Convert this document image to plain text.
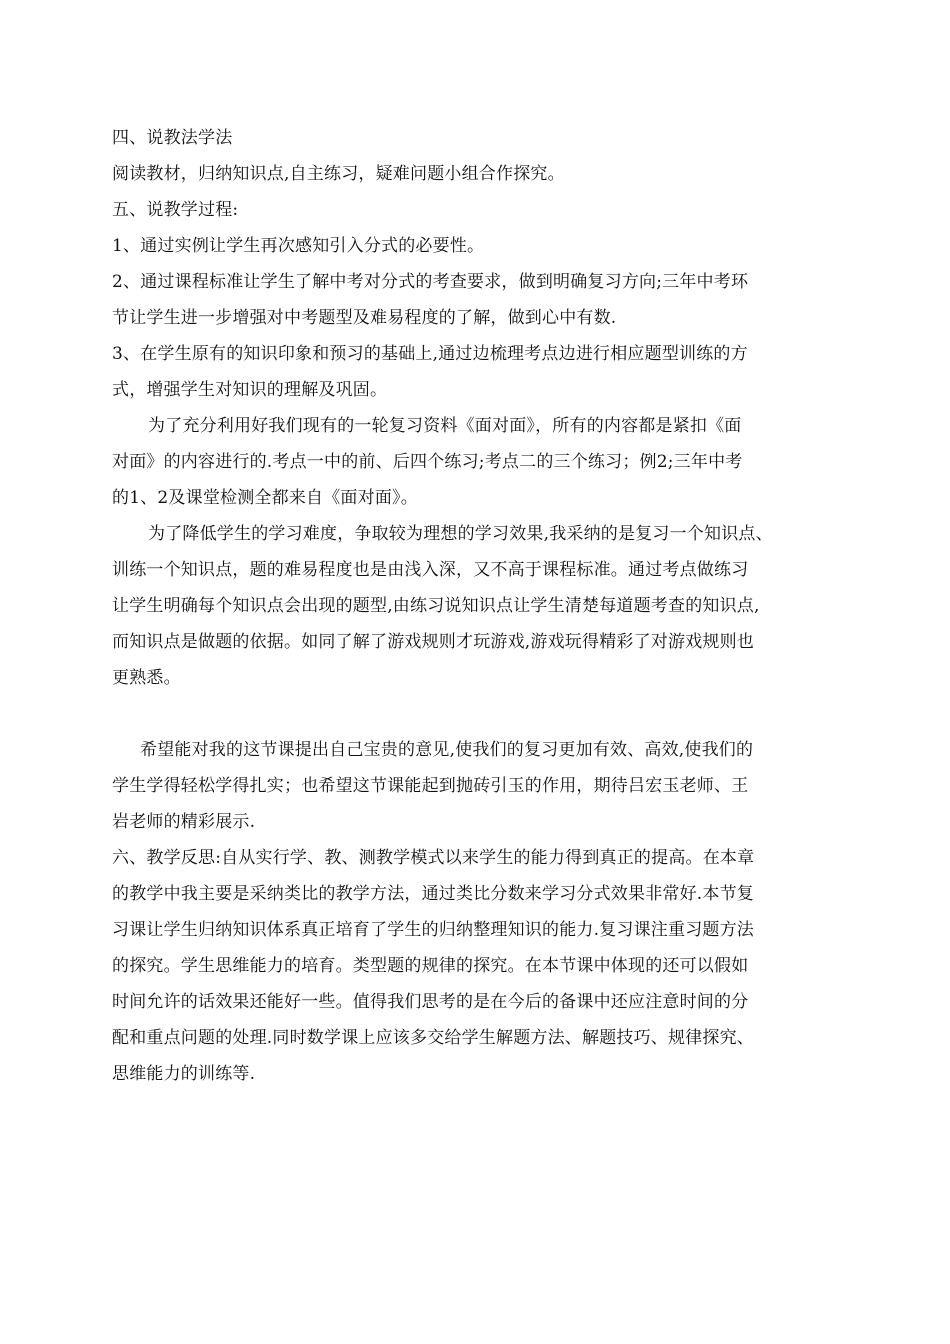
四、说教法学法
阅读教材，归纳知识点,自主练习，疑难问题小组合作探究。
五、说教学过程:
1、通过实例让学生再次感知引入分式的必要性。
2、通过课程标准让学生了解中考对分式的考查要求，做到明确复习方向;三年中考环
节让学生进一步增强对中考题型及难易程度的了解，做到心中有数.
3、在学生原有的知识印象和预习的基础上,通过边梳理考点边进行相应题型训练的方
式，增强学生对知识的理解及巩固。
为了充分利用好我们现有的一轮复习资料《面对面》，所有的内容都是紧扣《面
对面》的内容进行的.考点一中的前、后四个练习;考点二的三个练习；例2;三年中考
的1、2及课堂检测全都来自《面对面》。
为了降低学生的学习难度，争取较为理想的学习效果,我采纳的是复习一个知识点、
训练一个知识点，题的难易程度也是由浅入深，又不高于课程标准。通过考点做练习
让学生明确每个知识点会出现的题型,由练习说知识点让学生清楚每道题考查的知识点,
而知识点是做题的依据。如同了解了游戏规则才玩游戏,游戏玩得精彩了对游戏规则也
更熟悉。
希望能对我的这节课提出自己宝贵的意见,使我们的复习更加有效、高效,使我们的
学生学得轻松学得扎实；也希望这节课能起到抛砖引玉的作用，期待吕宏玉老师、王
岩老师的精彩展示.
六、教学反思:自从实行学、教、测教学模式以来学生的能力得到真正的提高。在本章
的教学中我主要是采纳类比的教学方法，通过类比分数来学习分式效果非常好.本节复
习课让学生归纳知识体系真正培育了学生的归纳整理知识的能力.复习课注重习题方法
的探究。学生思维能力的培育。类型题的规律的探究。在本节课中体现的还可以假如
时间允许的话效果还能好一些。值得我们思考的是在今后的备课中还应注意时间的分
配和重点问题的处理.同时数学课上应该多交给学生解题方法、解题技巧、规律探究、
思维能力的训练等.
